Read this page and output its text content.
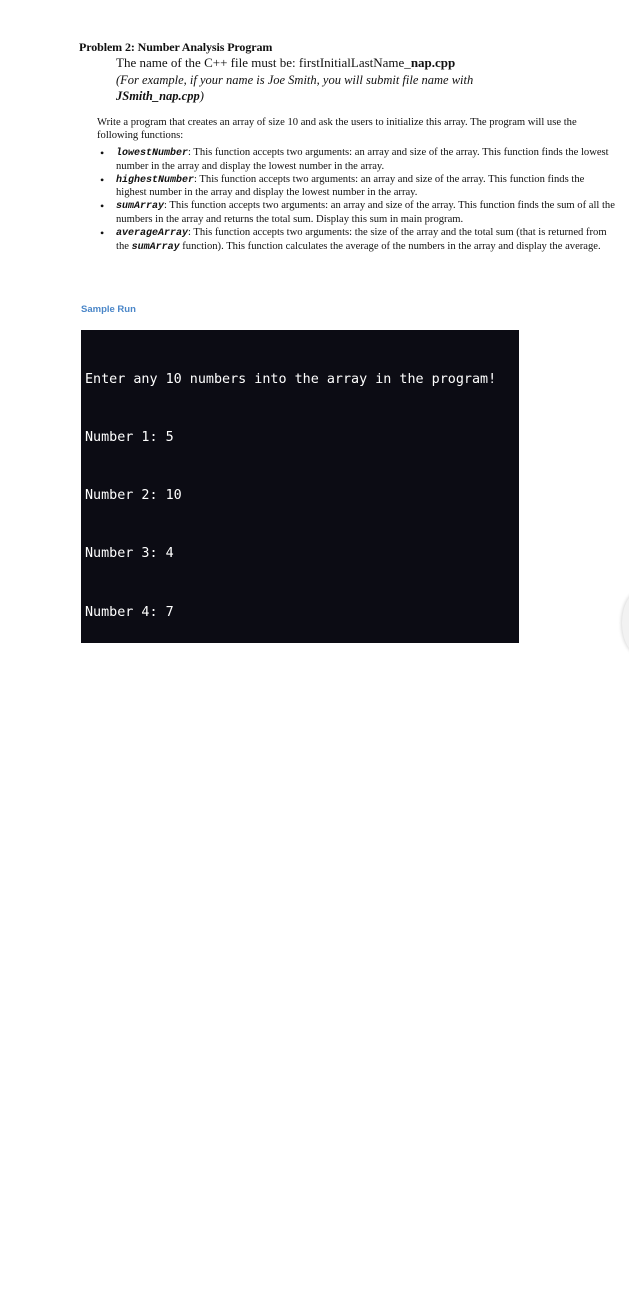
Problem 2: Number Analysis Program
The name of the C++ file must be: firstInitialLastName_nap.cpp
(For example, if your name is Joe Smith, you will submit file name with
JSmith_nap.cpp)
Write a program that creates an array of size 10 and ask the users to initialize this array. The program will use the following functions:
• lowestNumber: This function accepts two arguments: an array and size of the array. This function finds the lowest number in the array and display the lowest number in the array.
• highestNumber: This function accepts two arguments: an array and size of the array. This function finds the highest number in the array and display the lowest number in the array.
• sumArray: This function accepts two arguments: an array and size of the array. This function finds the sum of all the numbers in the array and returns the total sum. Display this sum in main program.
• averageArray: This function accepts two arguments: the size of the array and the total sum (that is returned from the sumArray function). This function calculates the average of the numbers in the array and display the average.
Sample Run

Enter any 10 numbers into the array in the program!

Number 1: 5

Number 2: 10

Number 3: 4

Number 4: 7

Number 5: 13

Number 6: 6

Number 7: 1

Number 8: 15

Number 9: 3

Number 10: 2

Lowest number of the array: 1

Highest number of the array: 15

Sum of the array: 66

Average of the array: 6.6
